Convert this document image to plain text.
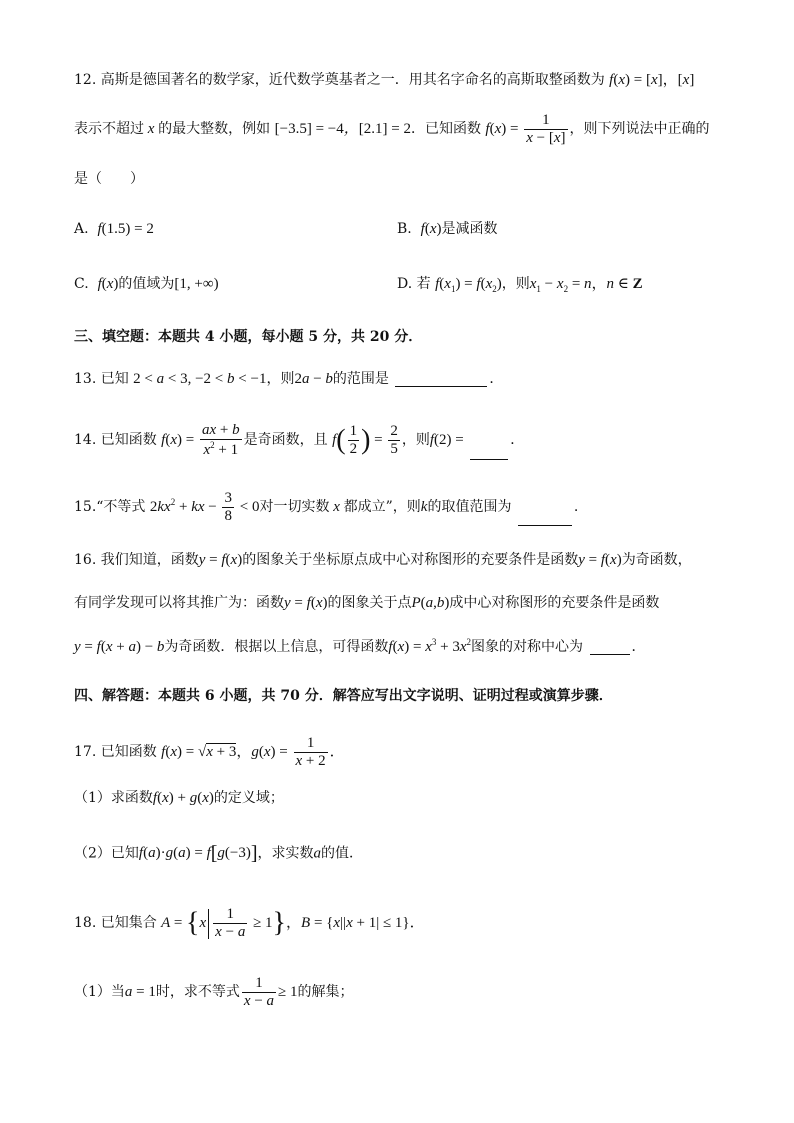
12. 高斯是德国著名的数学家，近代数学奠基者之一．用其名字命名的高斯取整函数为 f(x) = [x]，[x]
表示不超过 x 的最大整数，例如 [−3.5] = −4，[2.1] = 2．已知函数 $f(x) = \frac{1}{x - [x]}$ ，则下列说法中正确的
是（　　）
A. f(1.5) = 2	B. f(x)是减函数
C. f(x)的值域为[1, +∞)	D. 若 $f(x_1) = f(x_2)$，则$x_1 - x_2 = n$，n ∈ Z
三、填空题：本题共 4 小题，每小题 5 分，共 20 分．
13. 已知 2 < a < 3, −2 < b < −1，则2a − b的范围是	．
14. 已知函数 $f(x) = \frac{ax + b}{x^2 + 1}$ 是奇函数，且 $f( \frac{1}{2}$ ) = $\frac{2}{5}$ ，则f(2) =	．
15.“不等式 $2kx^2$ + kx − $\frac{3}{8} < 0$对一切实数 x 都成立”，则k的取值范围为	.
16. 我们知道，函数y = f(x)的图象关于坐标原点成中心对称图形的充要条件是函数y = f(x)为奇函数，
有同学发现可以将其推广为：函数y = f(x)的图象关于点P(a,b)成中心对称图形的充要条件是函数
y = f(x + a) − b为奇函数．根据以上信息，可得函数$f(x) = x^3 + 3x^2$图象的对称中心为	．
四、解答题：本题共 6 小题，共 70 分．解答应写出文字说明、证明过程或演算步骤．
17. 已知函数 f(x) = √x + 3，$g(x) = \frac{1}{x + 2}$ ．
（1）求函数f(x) + g(x)的定义域；
（2）已知f(a)·g(a) = f[g(−3)]，求实数a的值．
18. 已知集合 $A = \{x \frac{1}{x - a} \ge 1\}$，B = {x||x + 1| ≤ 1}．
（1）当a = 1时，求不等式 $\frac{1}{x - a} \ge 1$的解集；
